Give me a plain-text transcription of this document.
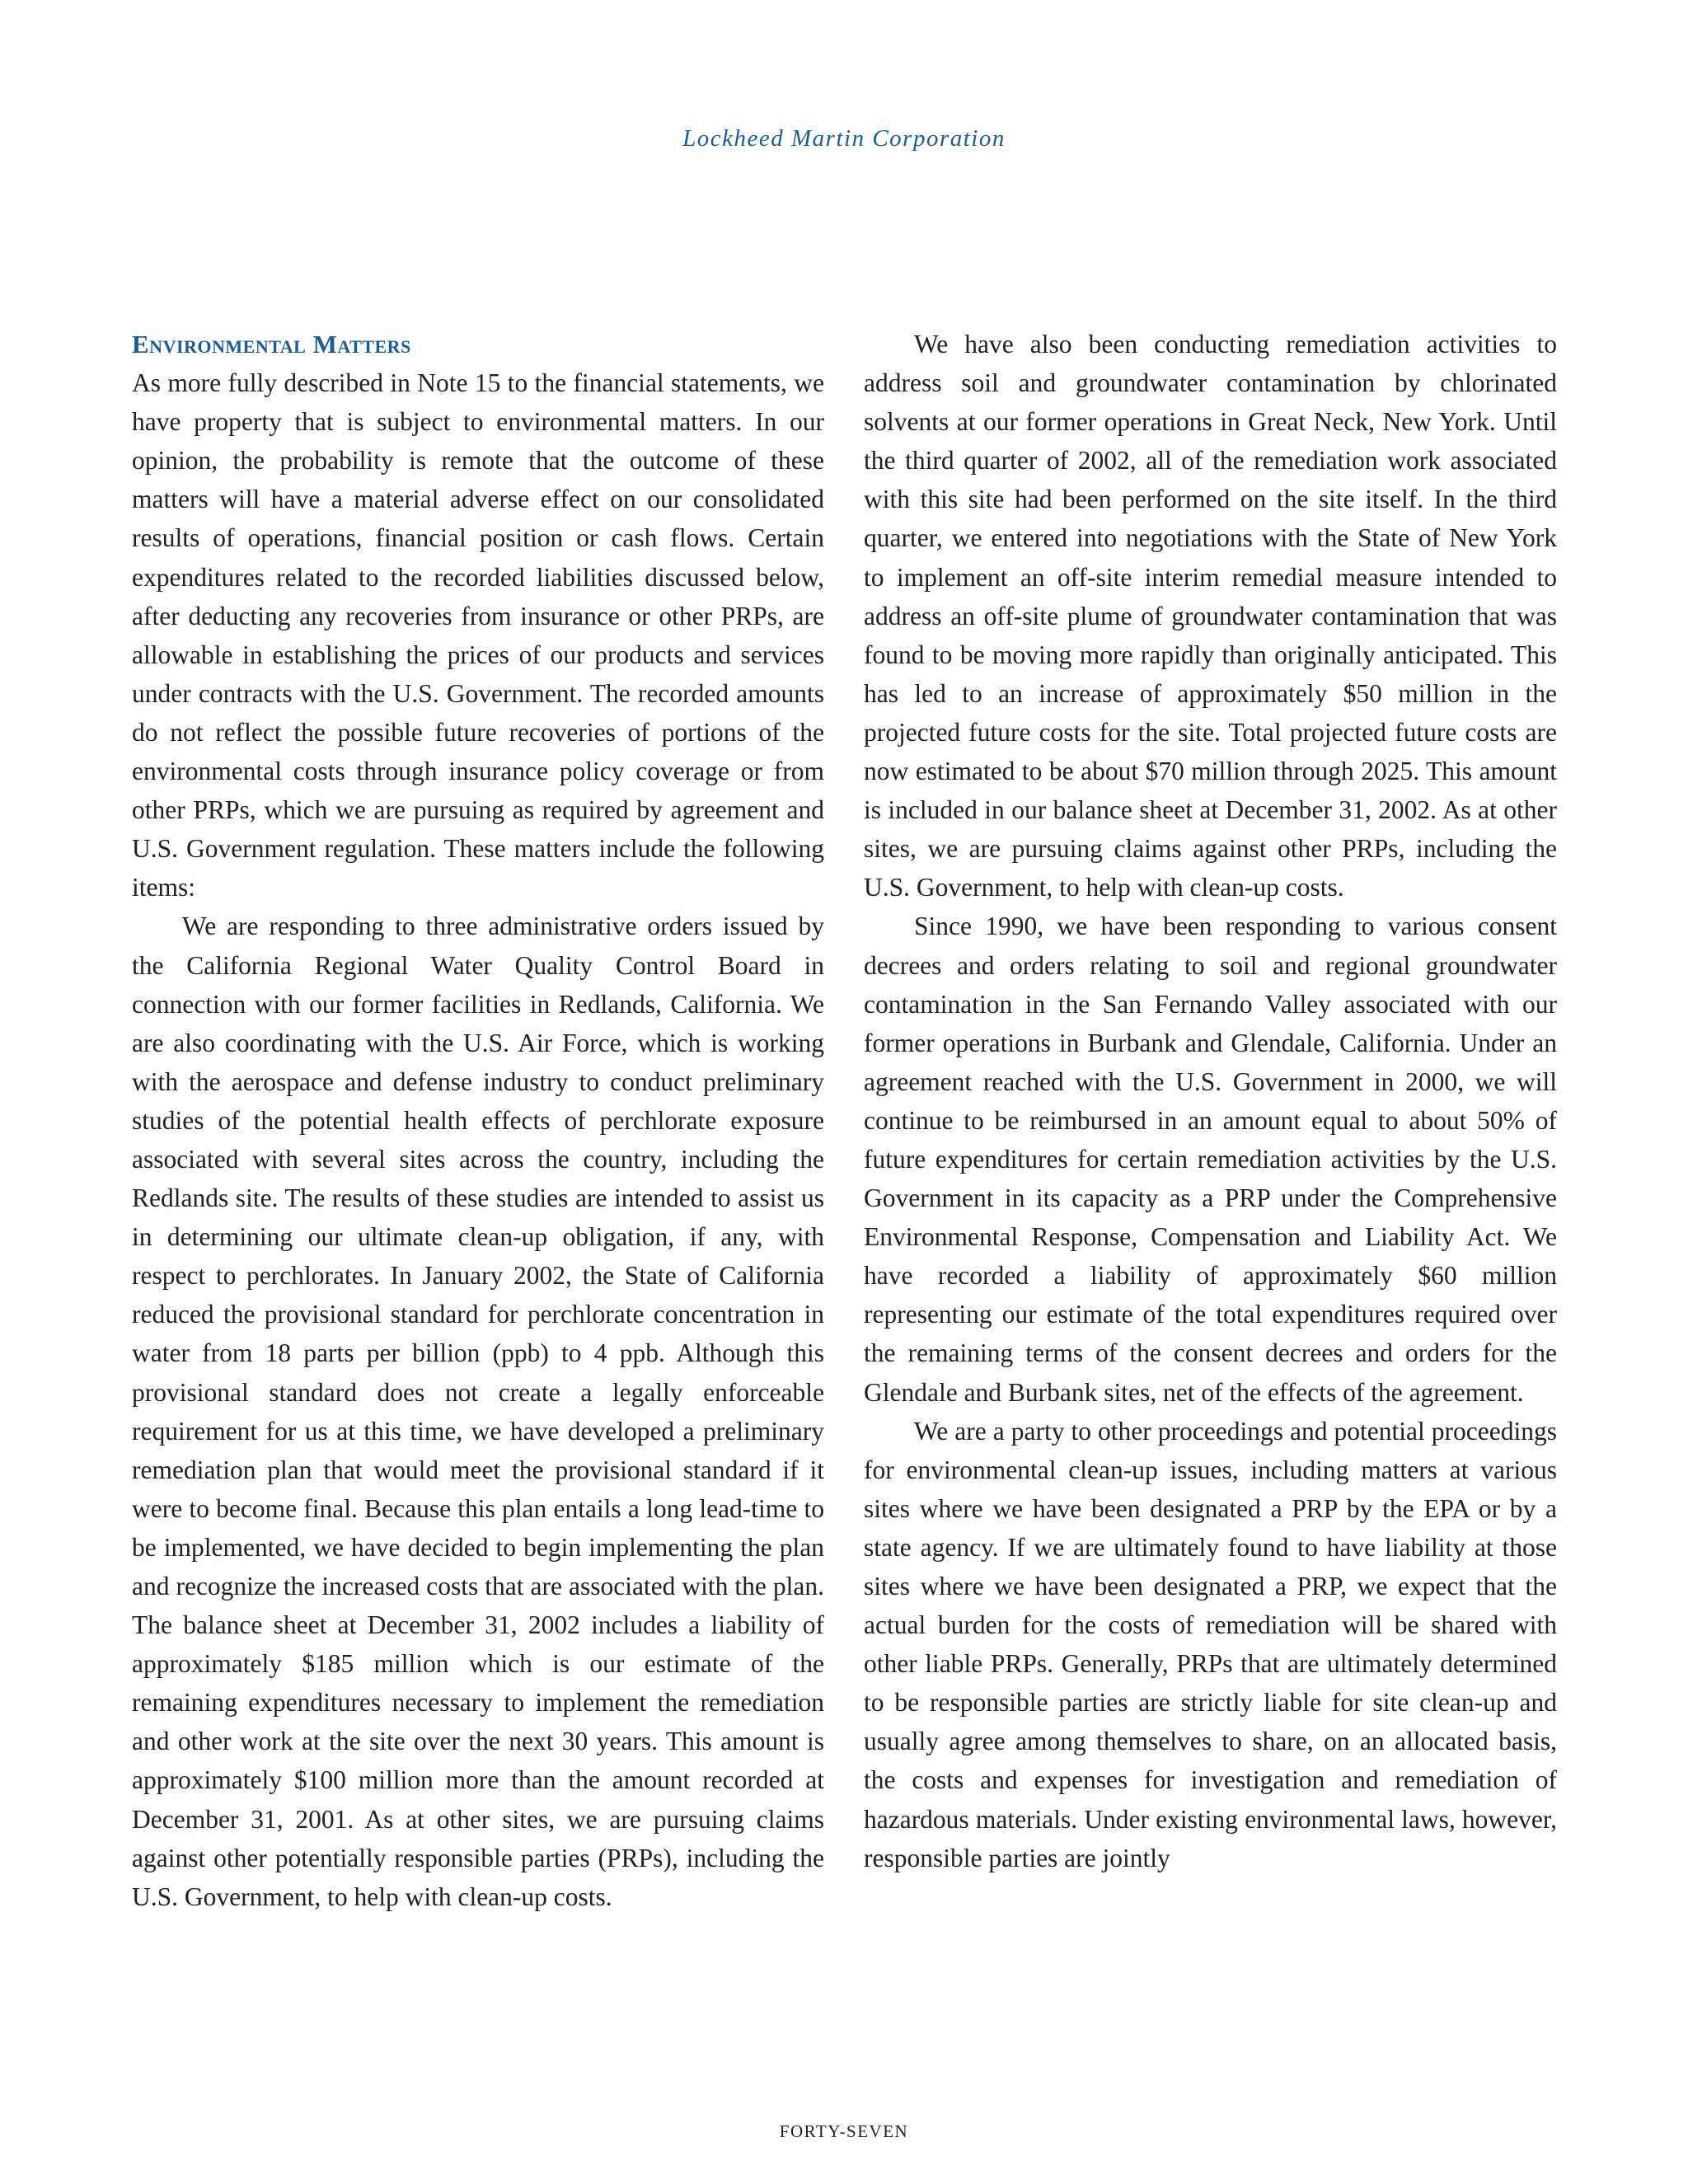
Lockheed Martin Corporation
Environmental Matters

As more fully described in Note 15 to the financial statements, we have property that is subject to environmental matters. In our opinion, the probability is remote that the outcome of these matters will have a material adverse effect on our consolidated results of operations, financial position or cash flows. Certain expenditures related to the recorded liabilities discussed below, after deducting any recoveries from insurance or other PRPs, are allowable in establishing the prices of our products and services under contracts with the U.S. Government. The recorded amounts do not reflect the possible future recoveries of portions of the environmental costs through insurance policy coverage or from other PRPs, which we are pursuing as required by agreement and U.S. Government regulation. These matters include the following items:

We are responding to three administrative orders issued by the California Regional Water Quality Control Board in connection with our former facilities in Redlands, California. We are also coordinating with the U.S. Air Force, which is working with the aerospace and defense industry to conduct preliminary studies of the potential health effects of perchlorate exposure associated with several sites across the country, including the Redlands site. The results of these studies are intended to assist us in determining our ultimate clean-up obligation, if any, with respect to perchlorates. In January 2002, the State of California reduced the provisional standard for perchlorate concentration in water from 18 parts per billion (ppb) to 4 ppb. Although this provisional standard does not create a legally enforceable requirement for us at this time, we have developed a preliminary remediation plan that would meet the provisional standard if it were to become final. Because this plan entails a long lead-time to be implemented, we have decided to begin implementing the plan and recognize the increased costs that are associated with the plan. The balance sheet at December 31, 2002 includes a liability of approximately $185 million which is our estimate of the remaining expenditures necessary to implement the remediation and other work at the site over the next 30 years. This amount is approximately $100 million more than the amount recorded at December 31, 2001. As at other sites, we are pursuing claims against other potentially responsible parties (PRPs), including the U.S. Government, to help with clean-up costs.

We have also been conducting remediation activities to address soil and groundwater contamination by chlorinated solvents at our former operations in Great Neck, New York. Until the third quarter of 2002, all of the remediation work associated with this site had been performed on the site itself. In the third quarter, we entered into negotiations with the State of New York to implement an off-site interim remedial measure intended to address an off-site plume of groundwater contamination that was found to be moving more rapidly than originally anticipated. This has led to an increase of approximately $50 million in the projected future costs for the site. Total projected future costs are now estimated to be about $70 million through 2025. This amount is included in our balance sheet at December 31, 2002. As at other sites, we are pursuing claims against other PRPs, including the U.S. Government, to help with clean-up costs.

Since 1990, we have been responding to various consent decrees and orders relating to soil and regional groundwater contamination in the San Fernando Valley associated with our former operations in Burbank and Glendale, California. Under an agreement reached with the U.S. Government in 2000, we will continue to be reimbursed in an amount equal to about 50% of future expenditures for certain remediation activities by the U.S. Government in its capacity as a PRP under the Comprehensive Environmental Response, Compensation and Liability Act. We have recorded a liability of approximately $60 million representing our estimate of the total expenditures required over the remaining terms of the consent decrees and orders for the Glendale and Burbank sites, net of the effects of the agreement.

We are a party to other proceedings and potential proceedings for environmental clean-up issues, including matters at various sites where we have been designated a PRP by the EPA or by a state agency. If we are ultimately found to have liability at those sites where we have been designated a PRP, we expect that the actual burden for the costs of remediation will be shared with other liable PRPs. Generally, PRPs that are ultimately determined to be responsible parties are strictly liable for site clean-up and usually agree among themselves to share, on an allocated basis, the costs and expenses for investigation and remediation of hazardous materials. Under existing environmental laws, however, responsible parties are jointly

FORTY-SEVEN
